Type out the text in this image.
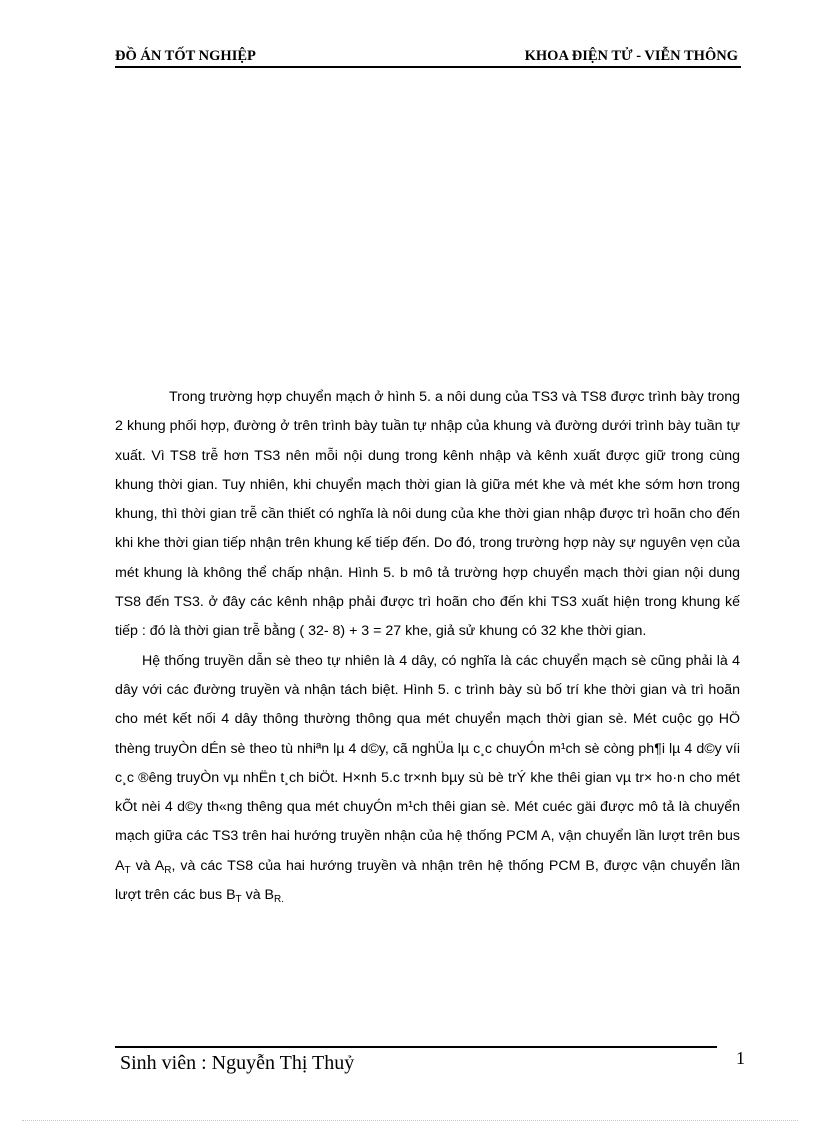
ĐỒ ÁN TỐT NGHIỆP	KHOA ĐIỆN TỬ - VIỄN THÔNG

Trong trường hợp chuyển mạch ở hình 5. a nôi dung của TS3 và TS8 được trình bày trong 2 khung phối hợp, đường ở trên trình bày tuần tự nhập của khung và đường dưới trình bày tuần tự xuất. Vì TS8 trễ hơn TS3 nên mỗi nội dung trong kênh nhập và kênh xuất được giữ trong cùng khung thời gian. Tuy nhiên, khi chuyển mạch thời gian là giữa mét khe và mét khe sớm hơn trong khung, thì thời gian trễ cần thiết có nghĩa là nôi dung của khe thời gian nhập được trì hoãn cho đến khi khe thời gian tiếp nhận trên khung kế tiếp đến. Do đó, trong trường hợp này sự nguyên vẹn của mét khung là không thể chấp nhận. Hình 5. b mô tả trường hợp chuyển mạch thời gian nội dung TS8 đến TS3. ở đây các kênh nhập phải được trì hoãn cho đến khi TS3 xuất hiện trong khung kế tiếp : đó là thời gian trễ bằng ( 32- 8) + 3 = 27 khe, giả sử khung có 32 khe thời gian.

Hệ thống truyền dẫn sè theo tự nhiên là 4 dây, có nghĩa là các chuyển mạch sè cũng phải là 4 dây với các đường truyền và nhận tách biệt. Hình 5. c trình bày sù bố trí khe thời gian và trì hoãn cho mét kết nối 4 dây thông thường thông qua mét chuyển mạch thời gian sè. Mét cuộc gọ HÖ thèng truyÒn dÉn sè theo tù nhiªn lµ 4 d©y, cã nghÜa lµ c¸c chuyÓn m¹ch sè còng ph¶i lµ 4 d©y víi c¸c ®êng truyÒn vµ nhËn t¸ch biÖt. H×nh 5.c tr×nh bµy sù bè trÝ khe thêi gian vµ tr× ho·n cho mét kÕt nèi 4 d©y th«ng thêng qua mét chuyÓn m¹ch thêi gian sè. Mét cuéc gäi được mô tả là chuyển mạch giữa các TS3 trên hai hướng truyền nhận của hệ thống PCM A, vận chuyển lần lượt trên bus $A_T$ và $A_R$, và các TS8 của hai hướng truyền và nhận trên hệ thống PCM B, được vận chuyển lần lượt trên các bus $B_T$ và $B_{R.}$

Sinh viên : Nguyễn Thị Thuỷ	1
